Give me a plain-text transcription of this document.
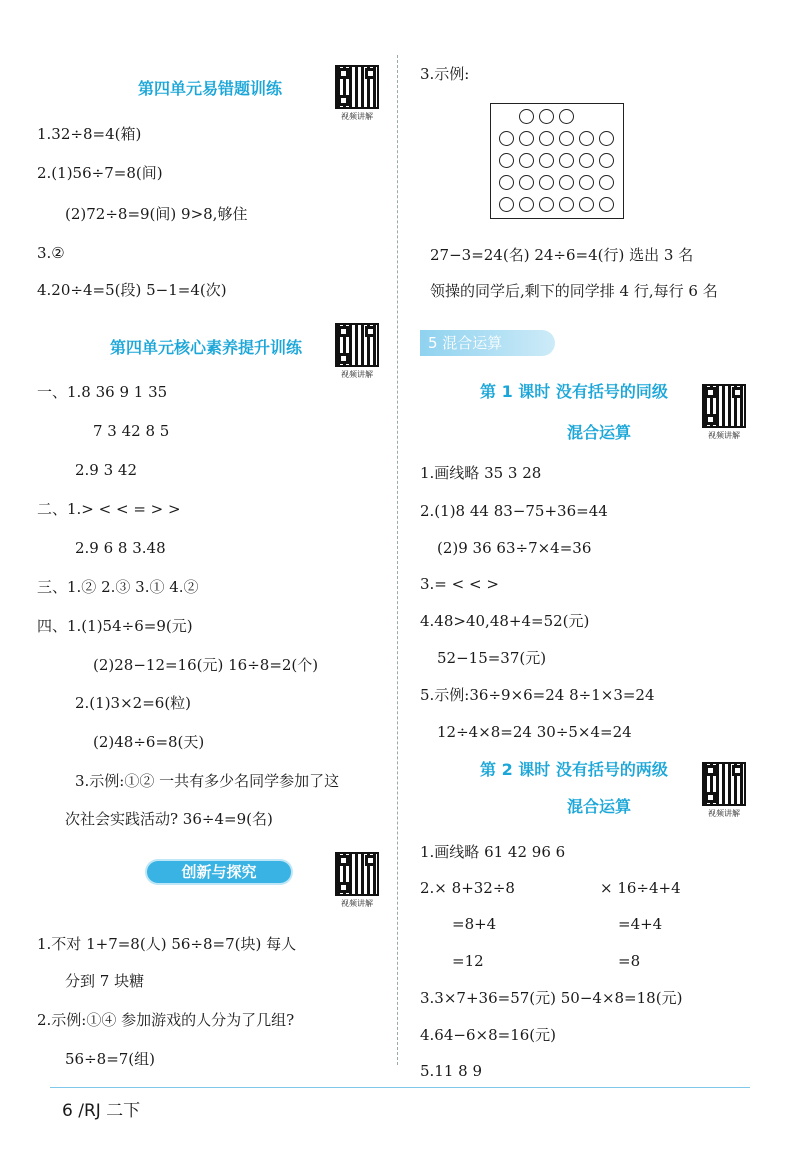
第四单元易错题训练
视频讲解
1.32÷8=4(箱)
2.(1)56÷7=8(间)
(2)72÷8=9(间) 9>8,够住
3.②
4.20÷4=5(段) 5−1=4(次)
第四单元核心素养提升训练
视频讲解
一、1.8 36 9 1 35
7 3 42 8 5
2.9 3 42
二、1.> < < = > >
2.9 6 8 3.48
三、1.② 2.③ 3.① 4.②
四、1.(1)54÷6=9(元)
(2)28−12=16(元) 16÷8=2(个)
2.(1)3×2=6(粒)
(2)48÷6=8(天)
3.示例:①② 一共有多少名同学参加了这
次社会实践活动? 36÷4=9(名)
创新与探究
视频讲解
1.不对 1+7=8(人) 56÷8=7(块) 每人
分到 7 块糖
2.示例:①④ 参加游戏的人分为了几组?
56÷8=7(组)
3.示例:
27−3=24(名) 24÷6=4(行) 选出 3 名
领操的同学后,剩下的同学排 4 行,每行 6 名
5 混合运算
第 1 课时 没有括号的同级
混合运算	视频讲解
1.画线略 35 3 28
2.(1)8 44 83−75+36=44
(2)9 36 63÷7×4=36
3.= < < >
4.48>40,48+4=52(元)
52−15=37(元)
5.示例:36÷9×6=24 8÷1×3=24
12÷4×8=24 30÷5×4=24
第 2 课时 没有括号的两级
混合运算	视频讲解
1.画线略 61 42 96 6
2.× 8+32÷8	× 16÷4+4
=8+4	=4+4
=12	=8
3.3×7+36=57(元) 50−4×8=18(元)
4.64−6×8=16(元)
5.11 8 9
6 /RJ 二下
